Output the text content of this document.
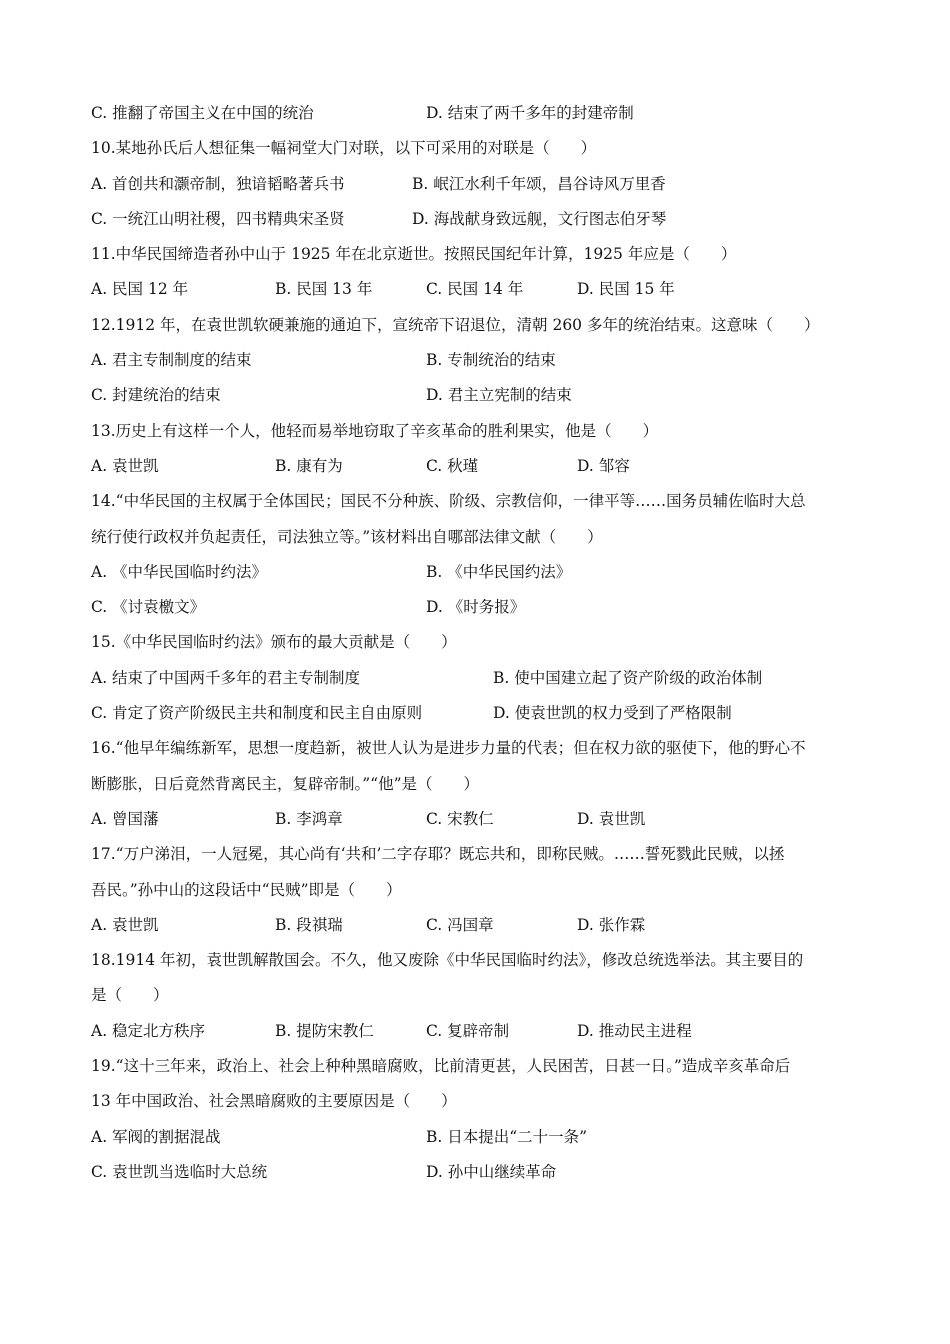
C. 推翻了帝国主义在中国的统治	D. 结束了两千多年的封建帝制
10.某地孙氏后人想征集一幅祠堂大门对联，以下可采用的对联是（　　）
A. 首创共和灏帝制，独谙韬略著兵书	B. 岷江水利千年颂，昌谷诗风万里香
C. 一统江山明社稷，四书精典宋圣贤	D. 海战献身致远舰，文行图志伯牙琴
11.中华民国缔造者孙中山于 1925 年在北京逝世。按照民国纪年计算，1925 年应是（　　）
A. 民国 12 年	B. 民国 13 年	C. 民国 14 年	D. 民国 15 年
12.1912 年，在袁世凯软硬兼施的通迫下，宣统帝下诏退位，清朝 260 多年的统治结束。这意味（　　）
A. 君主专制制度的结束	B. 专制统治的结束
C. 封建统治的结束	D. 君主立宪制的结束
13.历史上有这样一个人，他轻而易举地窃取了辛亥革命的胜利果实，他是（　　）
A. 袁世凯	B. 康有为	C. 秋瑾	D. 邹容
14.“中华民国的主权属于全体国民；国民不分种族、阶级、宗教信仰，一律平等……国务员辅佐临时大总
统行使行政权并负起责任，司法独立等。”该材料出自哪部法律文献（　　）
A. 《中华民国临时约法》	B. 《中华民国约法》
C. 《讨袁檄文》	D. 《时务报》
15.《中华民国临时约法》颁布的最大贡献是（　　）
A. 结束了中国两千多年的君主专制制度	B. 使中国建立起了资产阶级的政治体制
C. 肯定了资产阶级民主共和制度和民主自由原则	D. 使袁世凯的权力受到了严格限制
16.“他早年编练新军，思想一度趋新，被世人认为是进步力量的代表；但在权力欲的驱使下，他的野心不
断膨胀，日后竟然背离民主，复辟帝制。”“他”是（　　）
A. 曾国藩	B. 李鸿章	C. 宋教仁	D. 袁世凯
17.“万户涕泪，一人冠冕，其心尚有‘共和’二字存耶？既忘共和，即称民贼。……誓死戮此民贼，以拯
吾民。”孙中山的这段话中“民贼”即是（　　）
A. 袁世凯	B. 段祺瑞	C. 冯国章	D. 张作霖
18.1914 年初，袁世凯解散国会。不久，他又废除《中华民国临时约法》，修改总统选举法。其主要目的
是（　　）
A. 稳定北方秩序	B. 提防宋教仁	C. 复辟帝制	D. 推动民主进程
19.“这十三年来，政治上、社会上种种黑暗腐败，比前清更甚，人民困苦，日甚一日。”造成辛亥革命后
13 年中国政治、社会黑暗腐败的主要原因是（　　）
A. 军阀的割据混战	B. 日本提出“二十一条”
C. 袁世凯当选临时大总统	D. 孙中山继续革命
